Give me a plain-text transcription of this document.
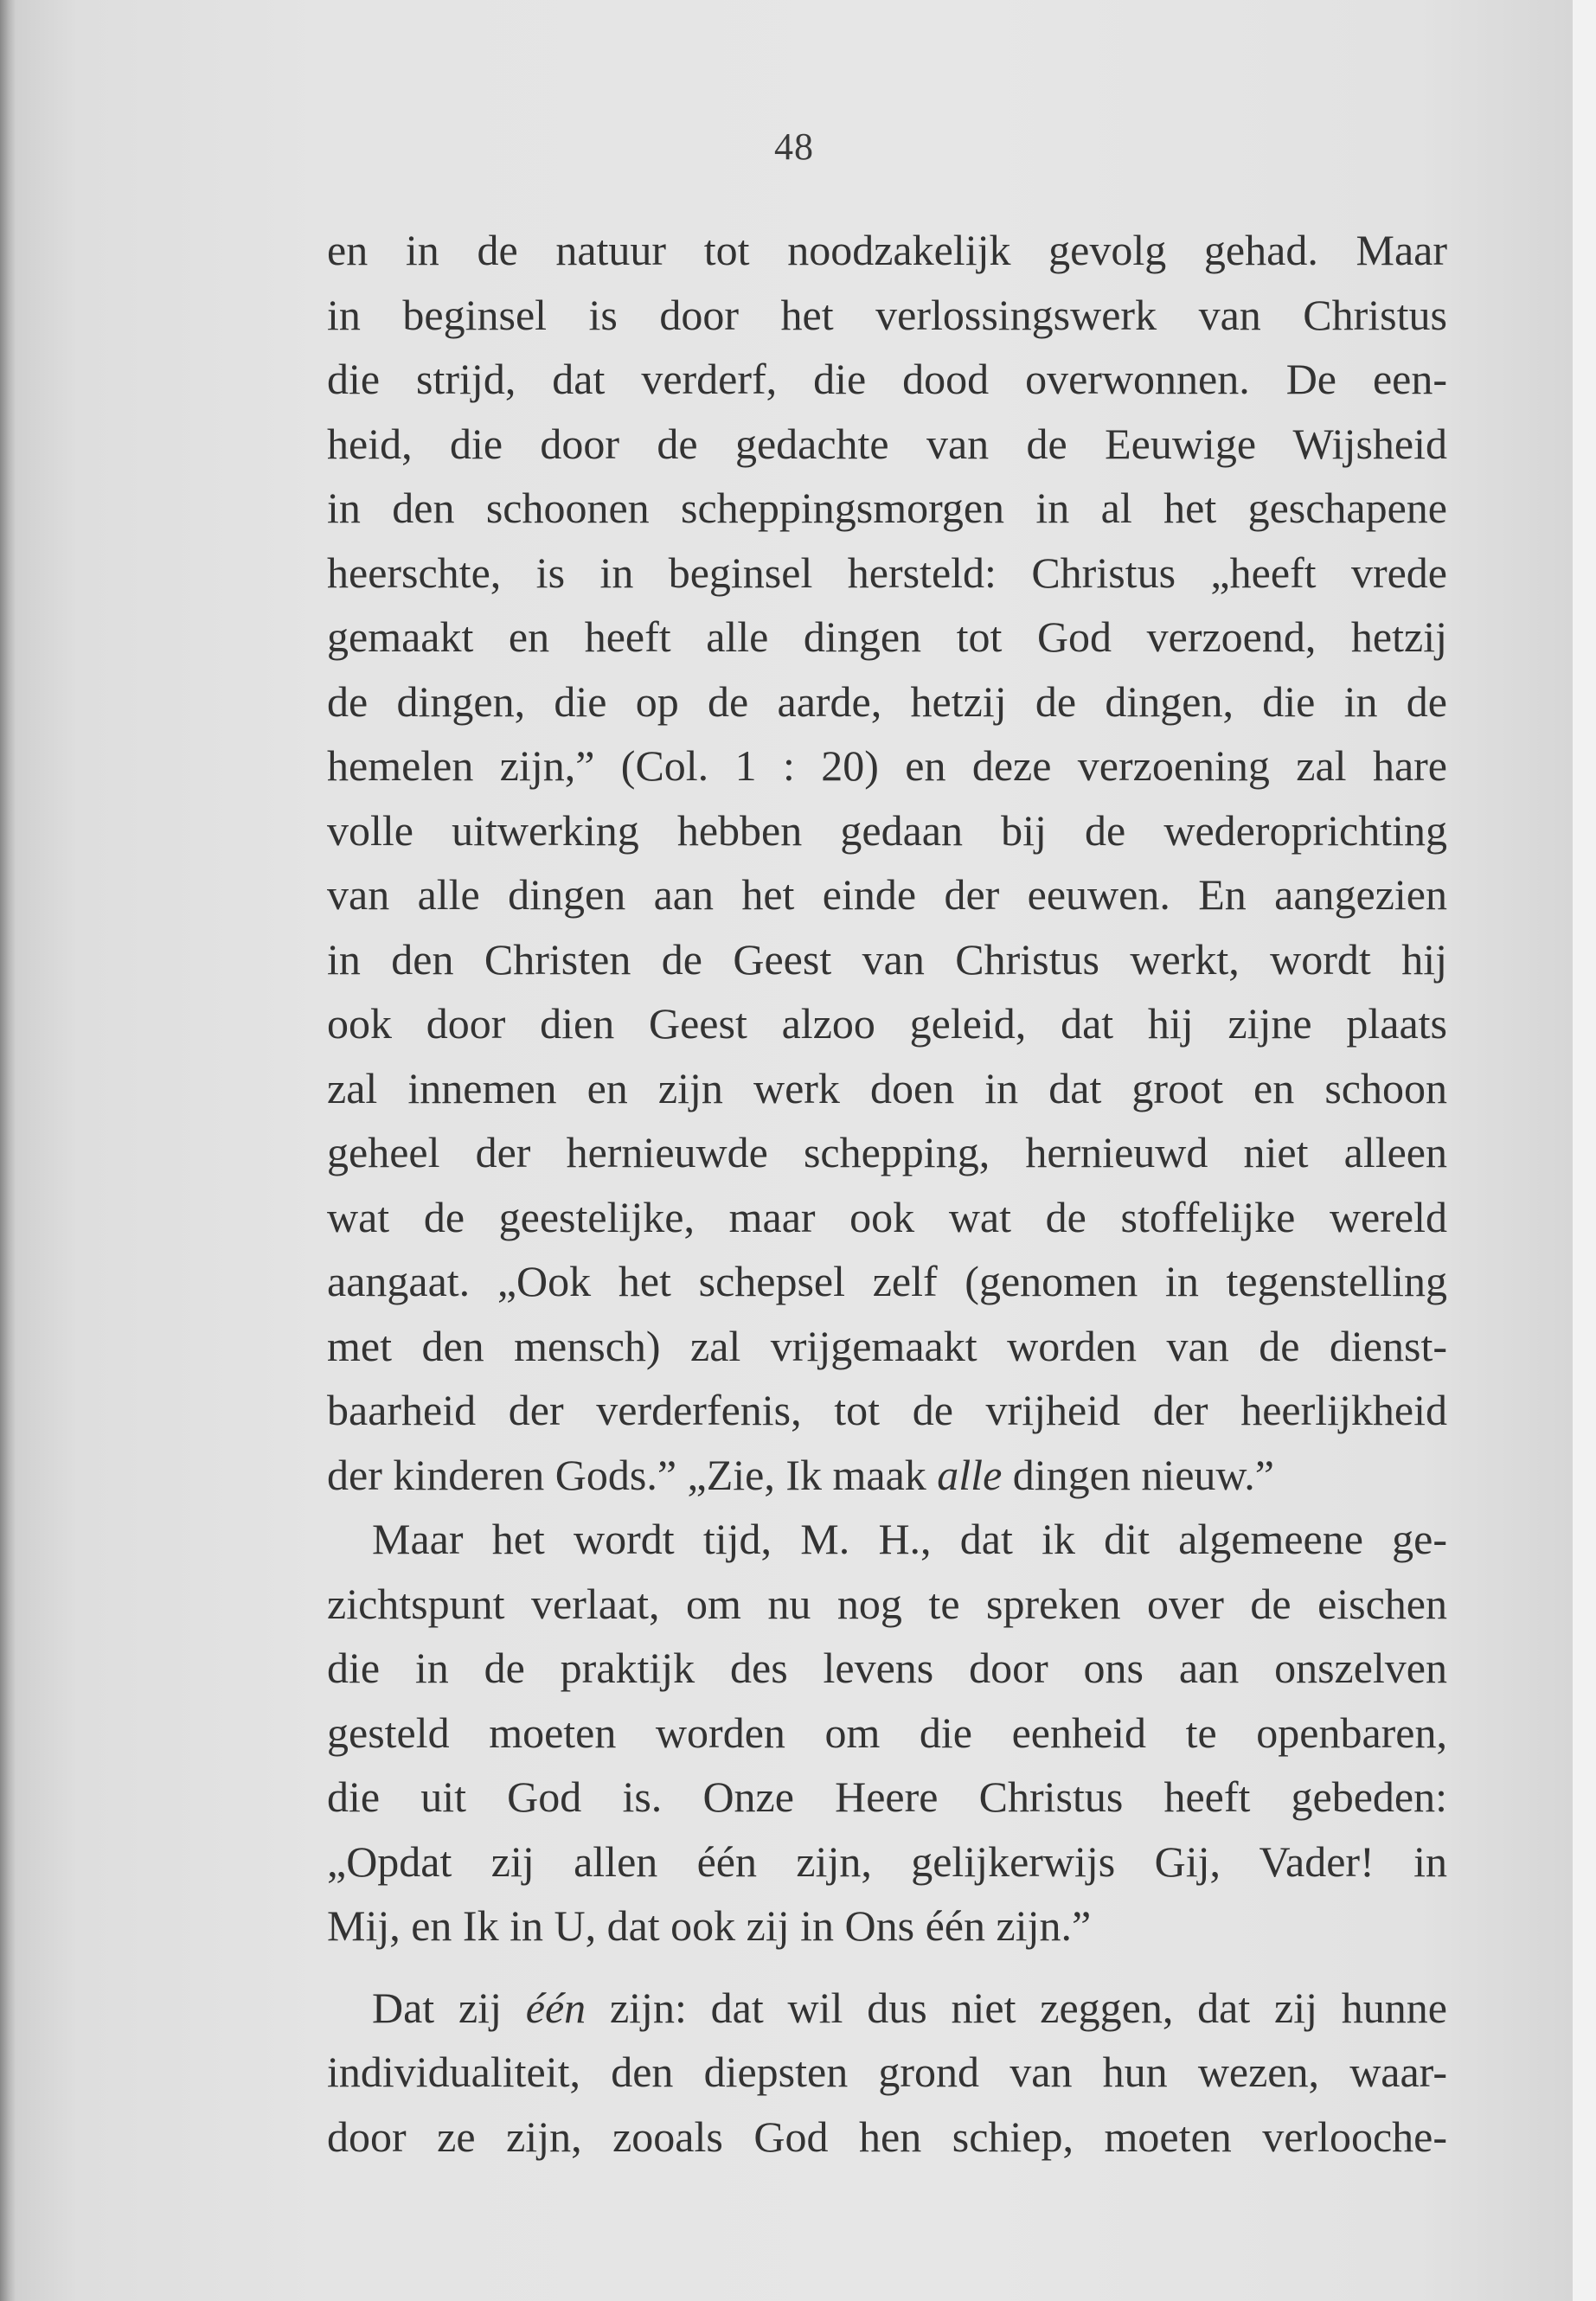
48
en in de natuur tot noodzakelijk gevolg gehad. Maar
in beginsel is door het verlossingswerk van Christus
die strijd, dat verderf, die dood overwonnen. De een-
heid, die door de gedachte van de Eeuwige Wijsheid
in den schoonen scheppingsmorgen in al het geschapene
heerschte, is in beginsel hersteld: Christus „heeft vrede
gemaakt en heeft alle dingen tot God verzoend, hetzij
de dingen, die op de aarde, hetzij de dingen, die in de
hemelen zijn,” (Col. 1 : 20) en deze verzoening zal hare
volle uitwerking hebben gedaan bij de wederoprichting
van alle dingen aan het einde der eeuwen. En aangezien
in den Christen de Geest van Christus werkt, wordt hij
ook door dien Geest alzoo geleid, dat hij zijne plaats
zal innemen en zijn werk doen in dat groot en schoon
geheel der hernieuwde schepping, hernieuwd niet alleen
wat de geestelijke, maar ook wat de stoffelijke wereld
aangaat. „Ook het schepsel zelf (genomen in tegenstelling
met den mensch) zal vrijgemaakt worden van de dienst-
baarheid der verderfenis, tot de vrijheid der heerlijkheid
der kinderen Gods.” „Zie, Ik maak alle dingen nieuw.”
Maar het wordt tijd, M. H., dat ik dit algemeene ge-
zichtspunt verlaat, om nu nog te spreken over de eischen
die in de praktijk des levens door ons aan onszelven
gesteld moeten worden om die eenheid te openbaren,
die uit God is. Onze Heere Christus heeft gebeden:
„Opdat zij allen één zijn, gelijkerwijs Gij, Vader! in
Mij, en Ik in U, dat ook zij in Ons één zijn.”
Dat zij één zijn: dat wil dus niet zeggen, dat zij hunne
individualiteit, den diepsten grond van hun wezen, waar-
door ze zijn, zooals God hen schiep, moeten verlooche-
